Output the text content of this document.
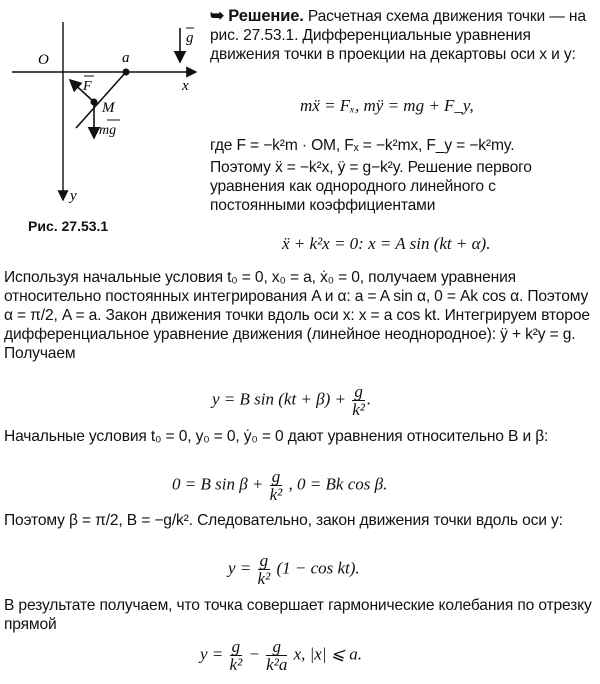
O	a
x
y
M
F
mg
g
Рис. 27.53.1
➥ Решение. Расчетная схема движения точки — на рис. 27.53.1. Дифференциальные уравнения движения точки в проекции на декартовы оси x и y:
mẍ = Fₓ, mÿ = mg + F_y,
где F = −k²m · OM, Fₓ = −k²mx, F_y = −k²my.
Поэтому ẍ = −k²x, ÿ = g−k²y. Решение первого уравнения как однородного линейного с постоянными коэффициентами
ẍ + k²x = 0: x = A sin (kt + α).
Используя начальные условия t₀ = 0, x₀ = a, ẋ₀ = 0, получаем уравнения относительно постоянных интегрирования A и α: a = A sin α, 0 = Ak cos α. Поэтому α = π/2, A = a. Закон движения точки вдоль оси x: x = a cos kt. Интегрируем второе дифференциальное уравнение движения (линейное неоднородное): ÿ + k²y = g. Получаем
y = B $\sin (kt + \beta) + \frac{g}{\text{k²}}$ .
Начальные условия t₀ = 0, y₀ = 0, ẏ₀ = 0 дают уравнения относительно B и β:
0 = B $\sin \beta + \frac{g}{\text{k²}}$ , 0 = Bk cos β.
Поэтому β = π/2, B = −g/k². Следовательно, закон движения точки вдоль оси y:
$y = \frac{g}{\text{k²}} (1 - \cos kt)$.
В результате получаем, что точка совершает гармонические колебания по отрезку прямой
$y = \frac{g}{\text{k²}} - \frac{g}{\text{k²a}} x$, |x| ⩽ a.
